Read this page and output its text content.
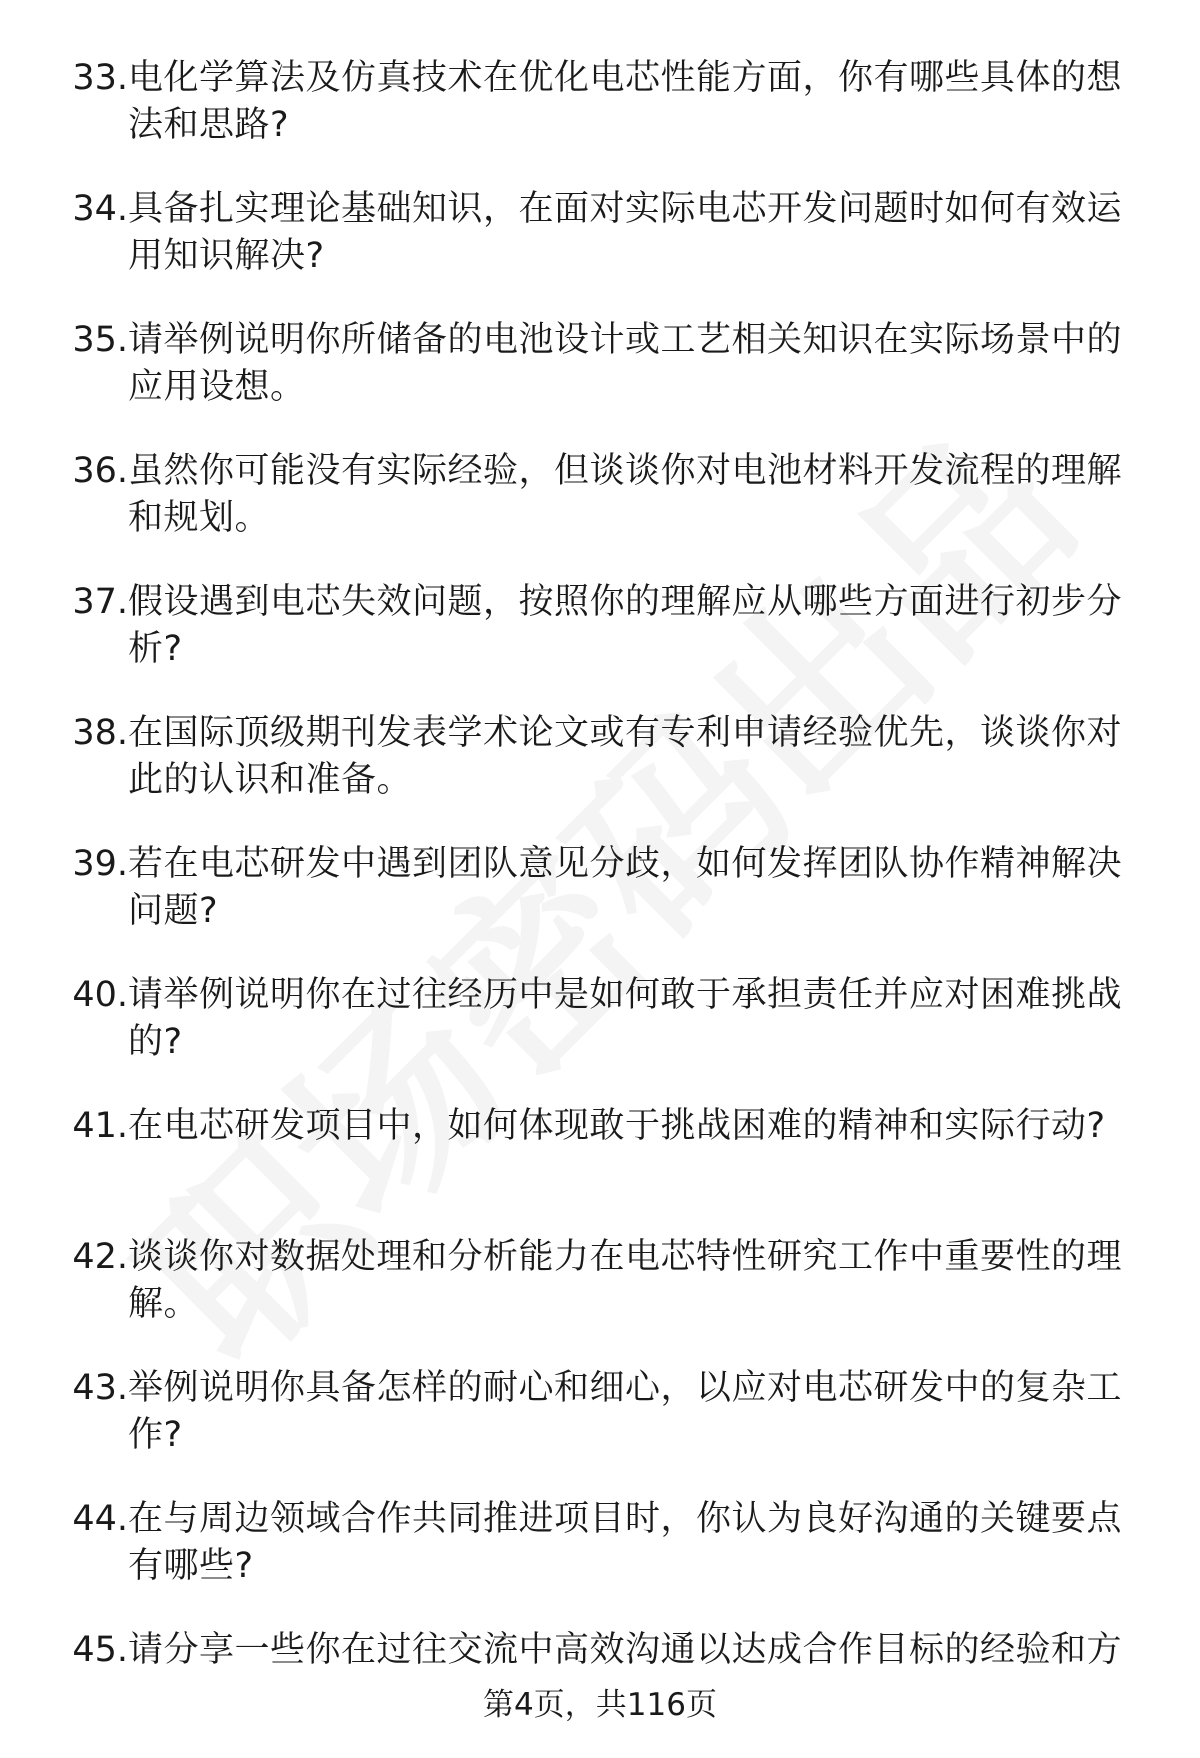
33. 电化学算法及仿真技术在优化电芯性能方面，你有哪些具体的想法和思路?
34. 具备扎实理论基础知识，在面对实际电芯开发问题时如何有效运用知识解决?
35. 请举例说明你所储备的电池设计或工艺相关知识在实际场景中的应用设想。
36. 虽然你可能没有实际经验，但谈谈你对电池材料开发流程的理解和规划。
37. 假设遇到电芯失效问题，按照你的理解应从哪些方面进行初步分析?
38. 在国际顶级期刊发表学术论文或有专利申请经验优先，谈谈你对此的认识和准备。
39. 若在电芯研发中遇到团队意见分歧，如何发挥团队协作精神解决问题?
40. 请举例说明你在过往经历中是如何敢于承担责任并应对困难挑战的?
41. 在电芯研发项目中，如何体现敢于挑战困难的精神和实际行动?
42. 谈谈你对数据处理和分析能力在电芯特性研究工作中重要性的理解。
43. 举例说明你具备怎样的耐心和细心，以应对电芯研发中的复杂工作?
44. 在与周边领域合作共同推进项目时，你认为良好沟通的关键要点有哪些?
45. 请分享一些你在过往交流中高效沟通以达成合作目标的经验和方
第4页，共116页
